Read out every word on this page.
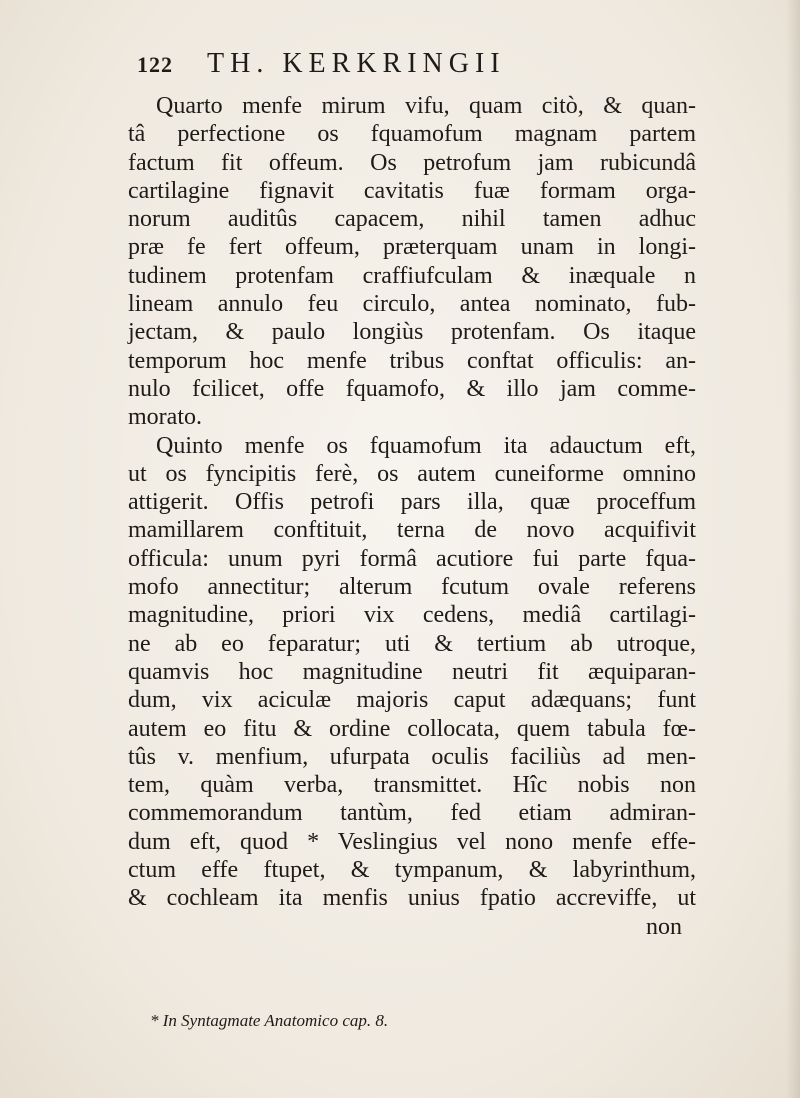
122 TH. KERKRINGII
Quarto menfe mirum vifu, quam citò, & quan-
tâ perfectione os fquamofum magnam partem
factum fit offeum. Os petrofum jam rubicundâ
cartilagine fignavit cavitatis fuæ formam orga-
norum auditûs capacem, nihil tamen adhuc
præ fe fert offeum, præterquam unam in longi-
tudinem protenfam craffiufculam & inæquale n
lineam annulo feu circulo, antea nominato, fub-
jectam, & paulo longiùs protenfam. Os itaque
temporum hoc menfe tribus conftat officulis: an-
nulo fcilicet, offe fquamofo, & illo jam comme-
morato.
Quinto menfe os fquamofum ita adauctum eft,
ut os fyncipitis ferè, os autem cuneiforme omnino
attigerit. Offis petrofi pars illa, quæ proceffum
mamillarem conftituit, terna de novo acquifivit
officula: unum pyri formâ acutiore fui parte fqua-
mofo annectitur; alterum fcutum ovale referens
magnitudine, priori vix cedens, mediâ cartilagi-
ne ab eo feparatur; uti & tertium ab utroque,
quamvis hoc magnitudine neutri fit æquiparan-
dum, vix aciculæ majoris caput adæquans; funt
autem eo fitu & ordine collocata, quem tabula fœ-
tûs v. menfium, ufurpata oculis faciliùs ad men-
tem, quàm verba, transmittet. Hîc nobis non
commemorandum tantùm, fed etiam admiran-
dum eft, quod * Veslingius vel nono menfe effe-
ctum effe ftupet, & tympanum, & labyrinthum,
& cochleam ita menfis unius fpatio accreviffe, ut
non
* In Syntagmate Anatomico cap. 8.
